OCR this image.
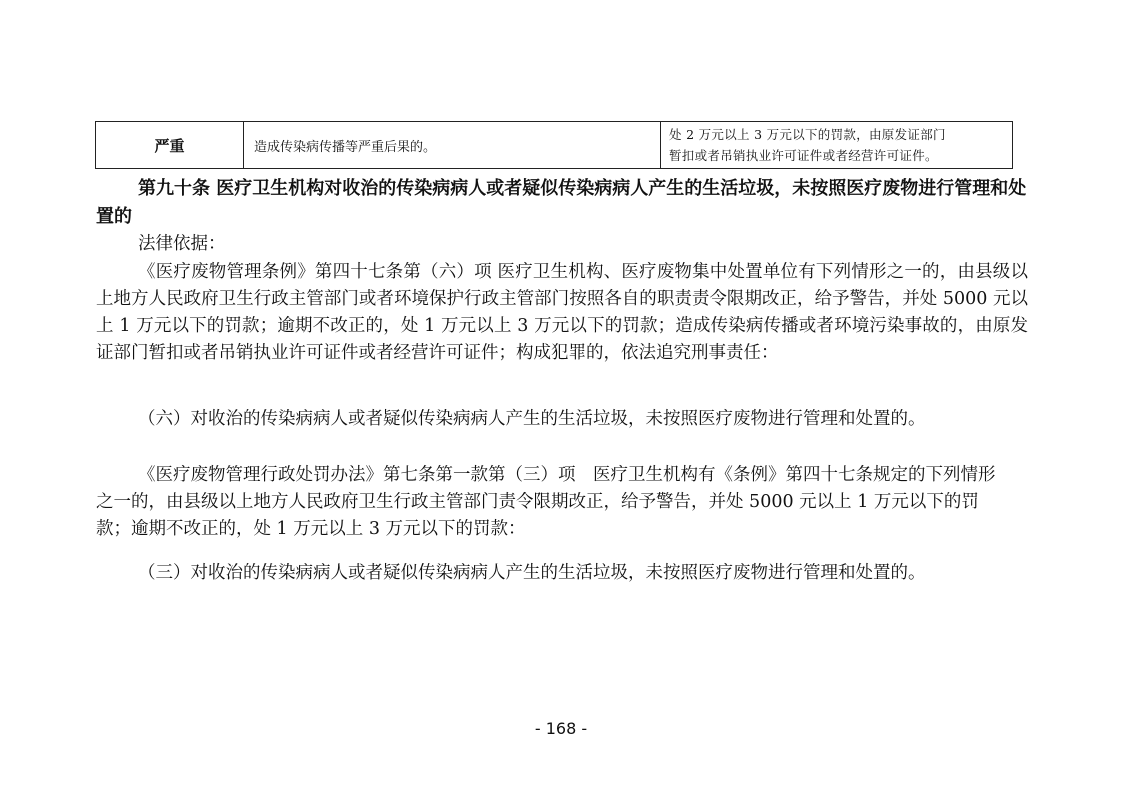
严重	造成传染病传播等严重后果的。
处 2 万元以上 3 万元以下的罚款，由原发证部门
暂扣或者吊销执业许可证件或者经营许可证件。
第九十条 医疗卫生机构对收治的传染病病人或者疑似传染病病人产生的生活垃圾，未按照医疗废物进行管理和处置的
法律依据：
《医疗废物管理条例》第四十七条第（六）项 医疗卫生机构、医疗废物集中处置单位有下列情形之一的，由县级以上地方人民政府卫生行政主管部门或者环境保护行政主管部门按照各自的职责责令限期改正，给予警告，并处 5000 元以上 1 万元以下的罚款；逾期不改正的，处 1 万元以上 3 万元以下的罚款；造成传染病传播或者环境污染事故的，由原发证部门暂扣或者吊销执业许可证件或者经营许可证件；构成犯罪的，依法追究刑事责任：
（六）对收治的传染病病人或者疑似传染病病人产生的生活垃圾，未按照医疗废物进行管理和处置的。
《医疗废物管理行政处罚办法》第七条第一款第（三）项　医疗卫生机构有《条例》第四十七条规定的下列情形之一的，由县级以上地方人民政府卫生行政主管部门责令限期改正，给予警告，并处 5000 元以上 1 万元以下的罚款；逾期不改正的，处 1 万元以上 3 万元以下的罚款：
（三）对收治的传染病病人或者疑似传染病病人产生的生活垃圾，未按照医疗废物进行管理和处置的。
- 168 -
